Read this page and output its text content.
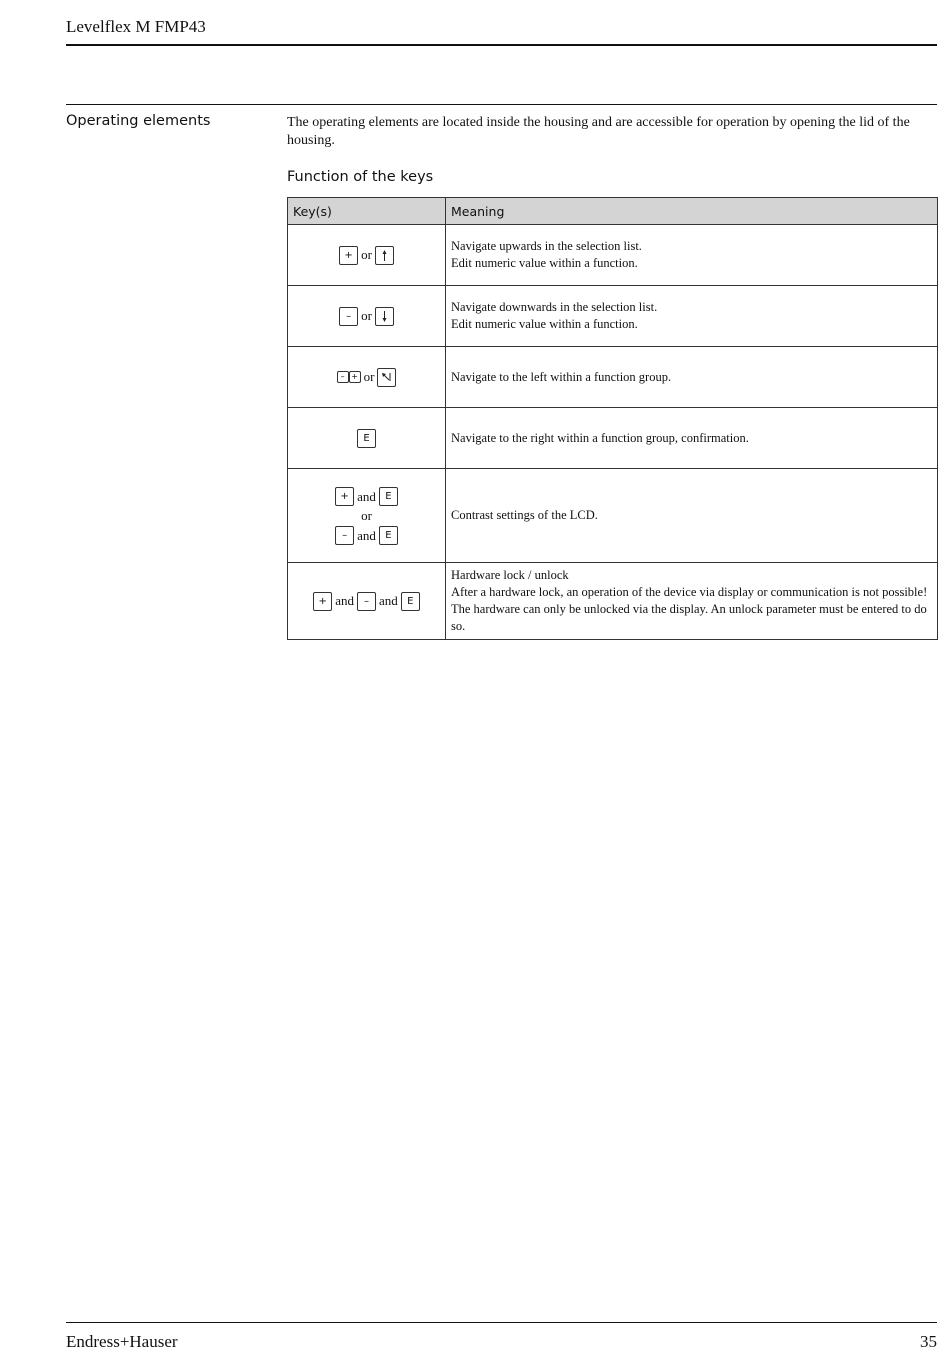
Levelflex M FMP43
Operating elements	The operating elements are located inside the housing and are accessible for operation by opening the lid of the housing.
Function of the keys
Key(s)	Meaning
+ or	Navigate upwards in the selection list.
Edit numeric value within a function.

– or	Navigate downwards in the selection list.
Edit numeric value within a function.

– + or	Navigate to the left within a function group.

E	Navigate to the right within a function group, confirmation.

+ and E
or
– and E	Contrast settings of the LCD.

+ and – and E	Hardware lock / unlock
After a hardware lock, an operation of the device via display or communication is not possible! The hardware can only be unlocked via the display. An unlock parameter must be entered to do so.
Endress+Hauser	35
